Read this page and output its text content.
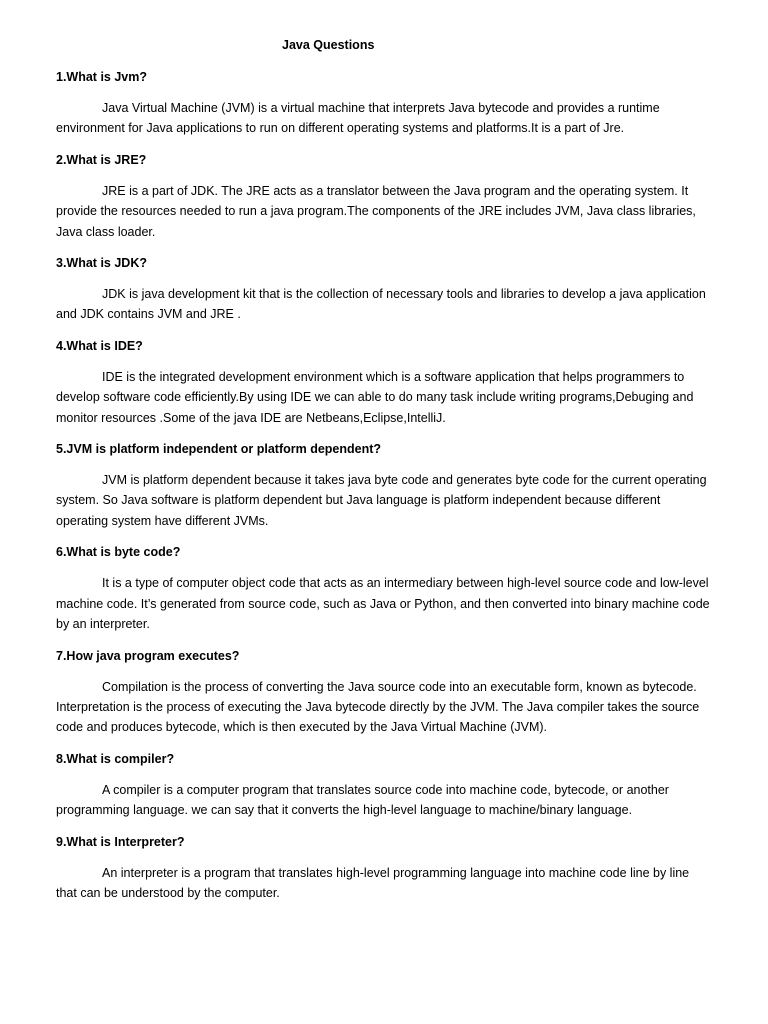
Java Questions
1.What is Jvm?

Java Virtual Machine (JVM) is a virtual machine that interprets Java bytecode and provides a runtime environment for Java applications to run on different operating systems and platforms.It is a part of Jre.

2.What is JRE?

JRE is a part of JDK. The JRE acts as a translator between the Java program and the operating system. It provide the resources needed to run a java program.The components of the JRE includes JVM, Java class libraries, Java class loader.

3.What is JDK?

JDK is java development kit that is the collection of necessary tools and libraries to develop a java application and JDK contains JVM and JRE .

4.What is IDE?

IDE is the integrated development environment which is a software application that helps programmers to develop software code efficiently.By using IDE we can able to do many task include writing programs,Debuging and monitor resources .Some of the java IDE are Netbeans,Eclipse,IntelliJ.

5.JVM is platform independent or platform dependent?

JVM is platform dependent because it takes java byte code and generates byte code for the current operating system. So Java software is platform dependent but Java language is platform independent because different operating system have different JVMs.

6.What is byte code?

It is a type of computer object code that acts as an intermediary between high-level source code and low-level machine code. It’s generated from source code, such as Java or Python, and then converted into binary machine code by an interpreter.

7.How java program executes?

Compilation is the process of converting the Java source code into an executable form, known as bytecode. Interpretation is the process of executing the Java bytecode directly by the JVM. The Java compiler takes the source code and produces bytecode, which is then executed by the Java Virtual Machine (JVM).

8.What is compiler?

A compiler is a computer program that translates source code into machine code, bytecode, or another programming language. we can say that it converts the high-level language to machine/binary language.

9.What is Interpreter?

An interpreter is a program that translates high-level programming language into machine code line by line that can be understood by the computer.
